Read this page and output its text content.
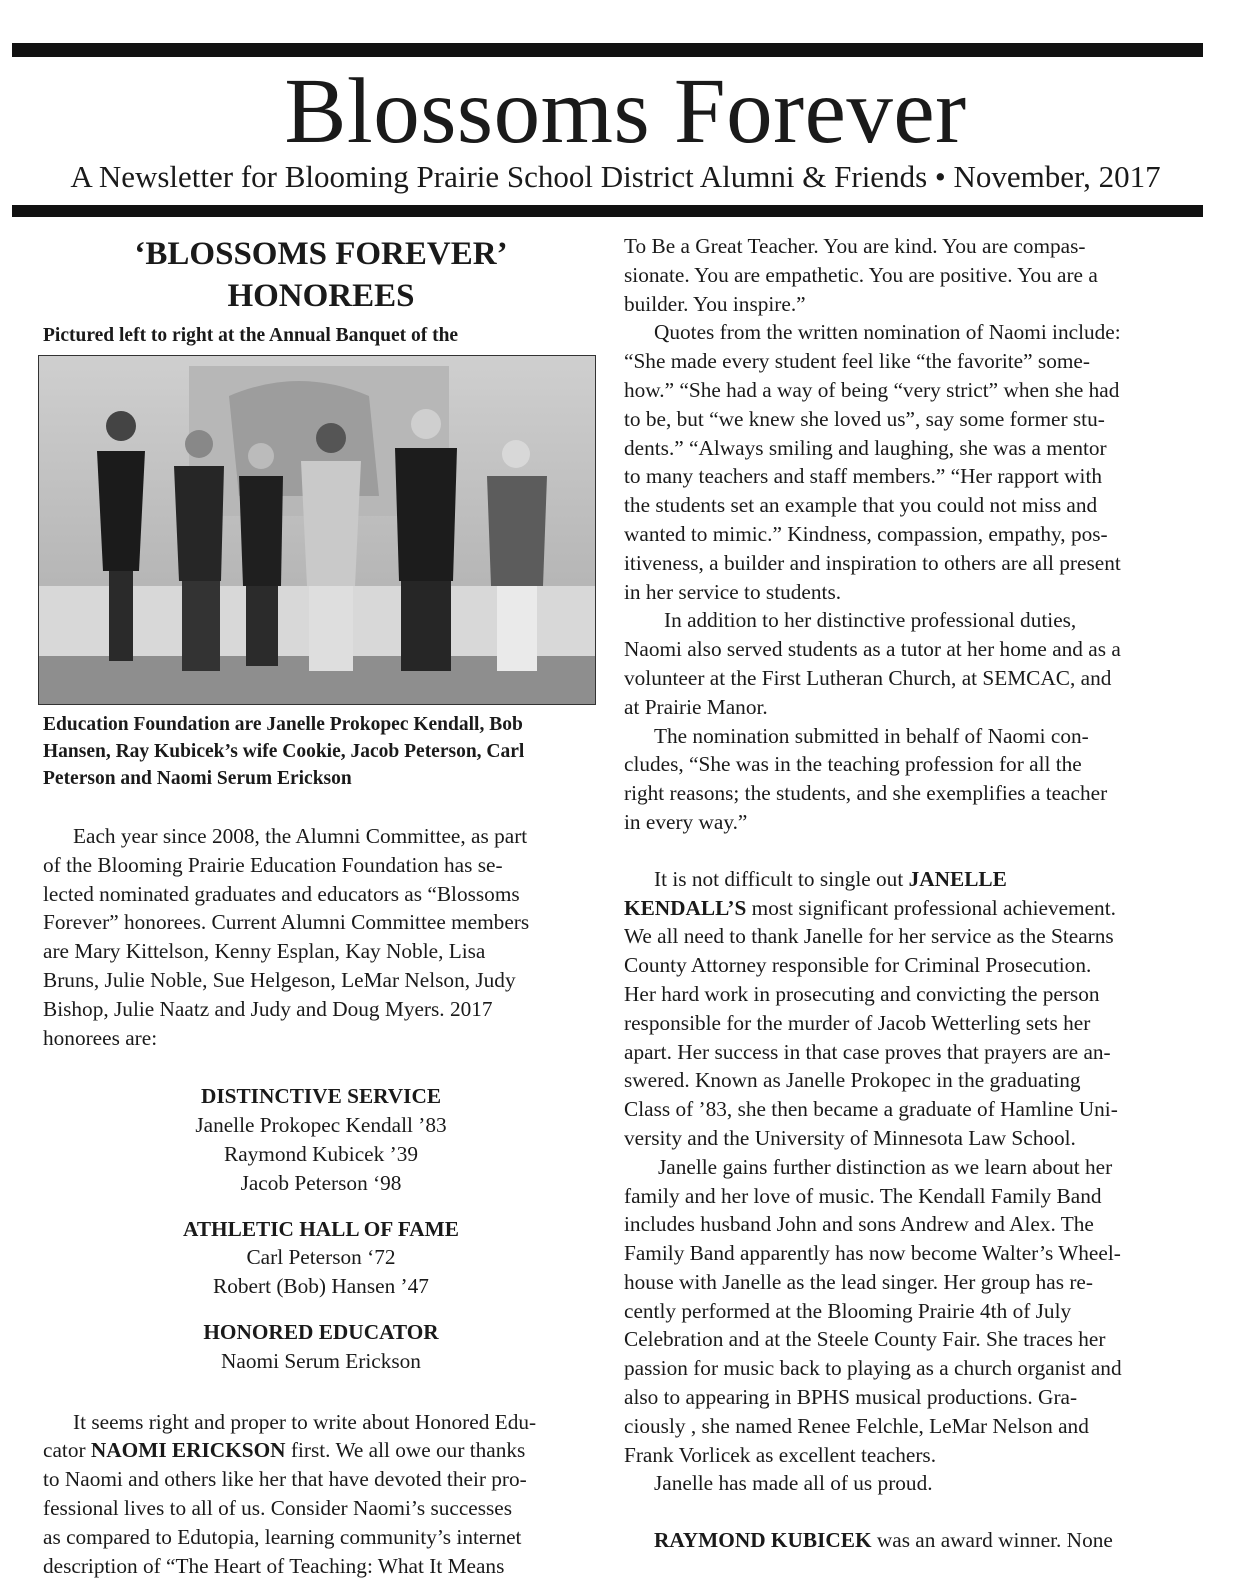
Blossoms Forever
A Newsletter for Blooming Prairie School District Alumni & Friends • November, 2017
‘BLOSSOMS FOREVER’
HONOREES

Pictured left to right at the Annual Banquet of the

Education Foundation are Janelle Prokopec Kendall, Bob

Hansen, Ray Kubicek’s wife Cookie, Jacob Peterson, Carl

Peterson and Naomi Serum Erickson

Each year since 2008, the Alumni Committee, as part

of the Blooming Prairie Education Foundation has se-

lected nominated graduates and educators as “Blossoms

Forever” honorees. Current Alumni Committee members

are Mary Kittelson, Kenny Esplan, Kay Noble, Lisa

Bruns, Julie Noble, Sue Helgeson, LeMar Nelson, Judy

Bishop, Julie Naatz and Judy and Doug Myers. 2017

honorees are:

DISTINCTIVE SERVICE
Janelle Prokopec Kendall ’83
Raymond Kubicek ’39
Jacob Peterson ‘98
ATHLETIC HALL OF FAME
Carl Peterson ‘72
Robert (Bob) Hansen ’47
HONORED EDUCATOR
Naomi Serum Erickson

It seems right and proper to write about Honored Edu-

cator NAOMI ERICKSON first. We all owe our thanks

to Naomi and others like her that have devoted their pro-

fessional lives to all of us. Consider Naomi’s successes

as compared to Edutopia, learning community’s internet

description of “The Heart of Teaching: What It Means

To Be a Great Teacher. You are kind. You are compas-

sionate. You are empathetic. You are positive. You are a

builder. You inspire.”

Quotes from the written nomination of Naomi include:

“She made every student feel like “the favorite” some-

how.” “She had a way of being “very strict” when she had

to be, but “we knew she loved us”, say some former stu-

dents.” “Always smiling and laughing, she was a mentor

to many teachers and staff members.” “Her rapport with

the students set an example that you could not miss and

wanted to mimic.” Kindness, compassion, empathy, pos-

itiveness, a builder and inspiration to others are all present

in her service to students.

In addition to her distinctive professional duties,

Naomi also served students as a tutor at her home and as a

volunteer at the First Lutheran Church, at SEMCAC, and

at Prairie Manor.

The nomination submitted in behalf of Naomi con-

cludes, “She was in the teaching profession for all the

right reasons; the students, and she exemplifies a teacher

in every way.”

It is not difficult to single out JANELLE

KENDALL’S most significant professional achievement.

We all need to thank Janelle for her service as the Stearns

County Attorney responsible for Criminal Prosecution.

Her hard work in prosecuting and convicting the person

responsible for the murder of Jacob Wetterling sets her

apart. Her success in that case proves that prayers are an-

swered. Known as Janelle Prokopec in the graduating

Class of ’83, she then became a graduate of Hamline Uni-

versity and the University of Minnesota Law School.

Janelle gains further distinction as we learn about her

family and her love of music. The Kendall Family Band

includes husband John and sons Andrew and Alex. The

Family Band apparently has now become Walter’s Wheel-

house with Janelle as the lead singer. Her group has re-

cently performed at the Blooming Prairie 4th of July

Celebration and at the Steele County Fair. She traces her

passion for music back to playing as a church organist and

also to appearing in BPHS musical productions. Gra-

ciously , she named Renee Felchle, LeMar Nelson and

Frank Vorlicek as excellent teachers.

Janelle has made all of us proud.

RAYMOND KUBICEK was an award winner. None
